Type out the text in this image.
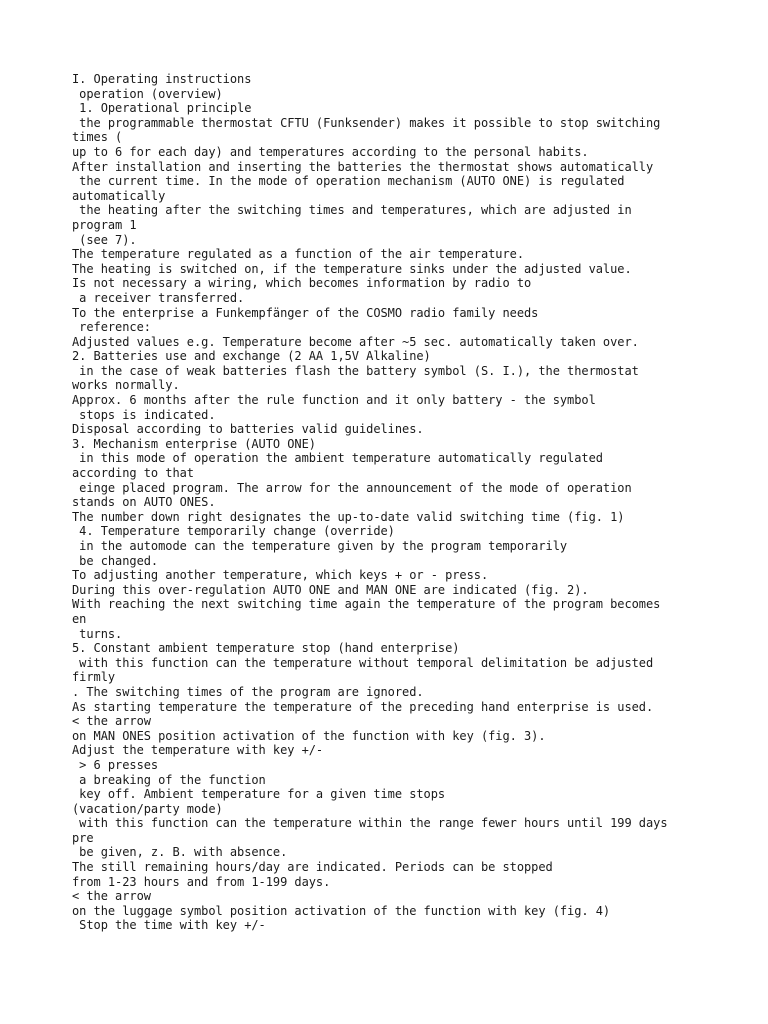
I. Operating instructions
operation (overview)
1. Operational principle
the programmable thermostat CFTU (Funksender) makes it possible to stop switching
times (
up to 6 for each day) and temperatures according to the personal habits.
After installation and inserting the batteries the thermostat shows automatically
the current time. In the mode of operation mechanism (AUTO ONE) is regulated
automatically
the heating after the switching times and temperatures, which are adjusted in
program 1
(see 7).
The temperature regulated as a function of the air temperature.
The heating is switched on, if the temperature sinks under the adjusted value.
Is not necessary a wiring, which becomes information by radio to
a receiver transferred.
To the enterprise a Funkempfänger of the COSMO radio family needs
reference:
Adjusted values e.g. Temperature become after ~5 sec. automatically taken over.
2. Batteries use and exchange (2 AA 1,5V Alkaline)
in the case of weak batteries flash the battery symbol (S. I.), the thermostat
works normally.
Approx. 6 months after the rule function and it only battery - the symbol
stops is indicated.
Disposal according to batteries valid guidelines.
3. Mechanism enterprise (AUTO ONE)
in this mode of operation the ambient temperature automatically regulated
according to that
einge placed program. The arrow for the announcement of the mode of operation
stands on AUTO ONES.
The number down right designates the up-to-date valid switching time (fig. 1)
4. Temperature temporarily change (override)
in the automode can the temperature given by the program temporarily
be changed.
To adjusting another temperature, which keys + or - press.
During this over-regulation AUTO ONE and MAN ONE are indicated (fig. 2).
With reaching the next switching time again the temperature of the program becomes
en
turns.
5. Constant ambient temperature stop (hand enterprise)
with this function can the temperature without temporal delimitation be adjusted
firmly
. The switching times of the program are ignored.
As starting temperature the temperature of the preceding hand enterprise is used.
< the arrow
on MAN ONES position activation of the function with key (fig. 3).
Adjust the temperature with key +/-
> 6 presses
a breaking of the function
key off. Ambient temperature for a given time stops
(vacation/party mode)
with this function can the temperature within the range fewer hours until 199 days
pre
be given, z. B. with absence.
The still remaining hours/day are indicated. Periods can be stopped
from 1-23 hours and from 1-199 days.
< the arrow
on the luggage symbol position activation of the function with key (fig. 4)
Stop the time with key +/-
